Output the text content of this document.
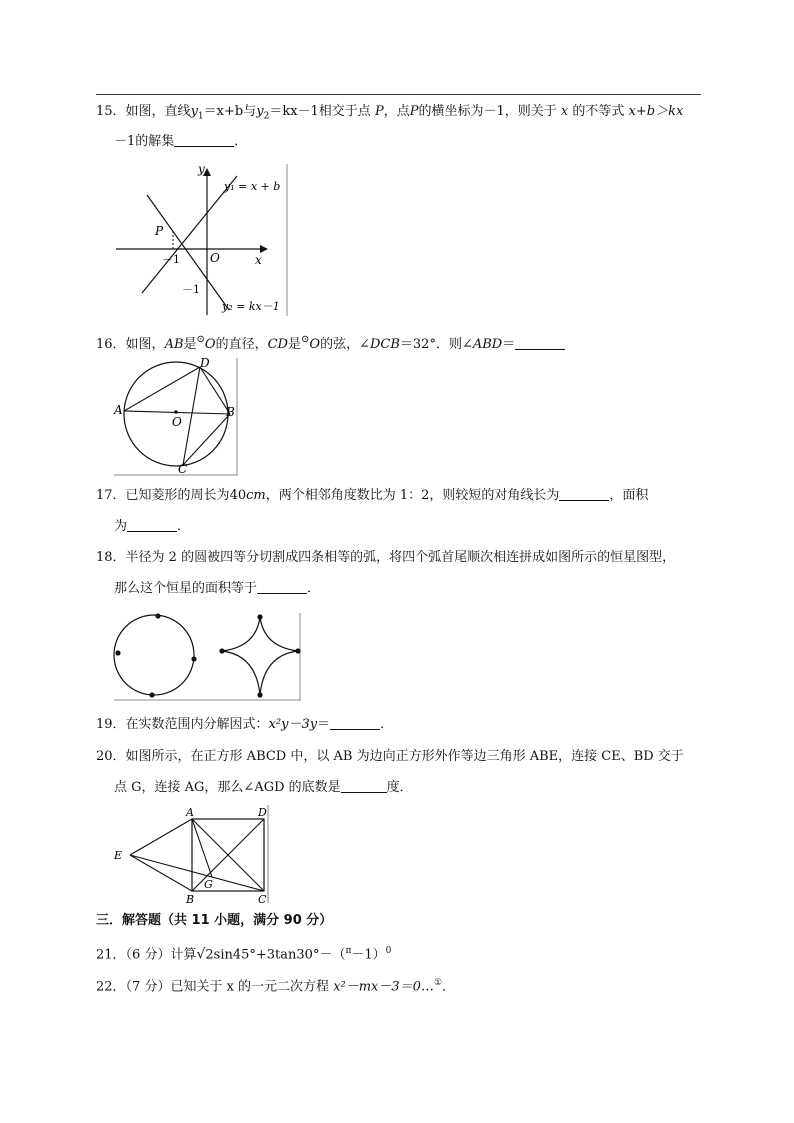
15．如图，直线$y_1=x+b$与$y_2=kx-1$相交于点 P，点P的横坐标为－1，则关于 x 的不等式 x+b＞kx
－1的解集	．
y
x
O
P
－1
－1
y₁ = x + b
y₂ = kx－1
16．如图，AB是⊙O的直径，CD是⊙O的弦，∠DCB＝32°．则∠ABD＝
A	B
C
D
O
17．已知菱形的周长为40cm，两个相邻角度数比为 1：2，则较短的对角线长为	，面积
为	．
18．半径为 2 的圆被四等分切割成四条相等的弧，将四个弧首尾顺次相连拼成如图所示的恒星图型，
那么这个恒星的面积等于	．
19．在实数范围内分解因式：x²y－3y＝	．
20．如图所示，在正方形 ABCD 中，以 AB 为边向正方形外作等边三角形 ABE，连接 CE、BD 交于
点 G，连接 AG，那么∠AGD 的底数是	度．
A	D
E
G
B	C
三．解答题（共 11 小题，满分 90 分）
21．（6 分）计算$√2\sin 45^\circ+3\tan 30^\circ-(^\pi-1)^0$
22．（7 分）已知关于 x 的一元二次方程 x²－mx－3＝0…①．
